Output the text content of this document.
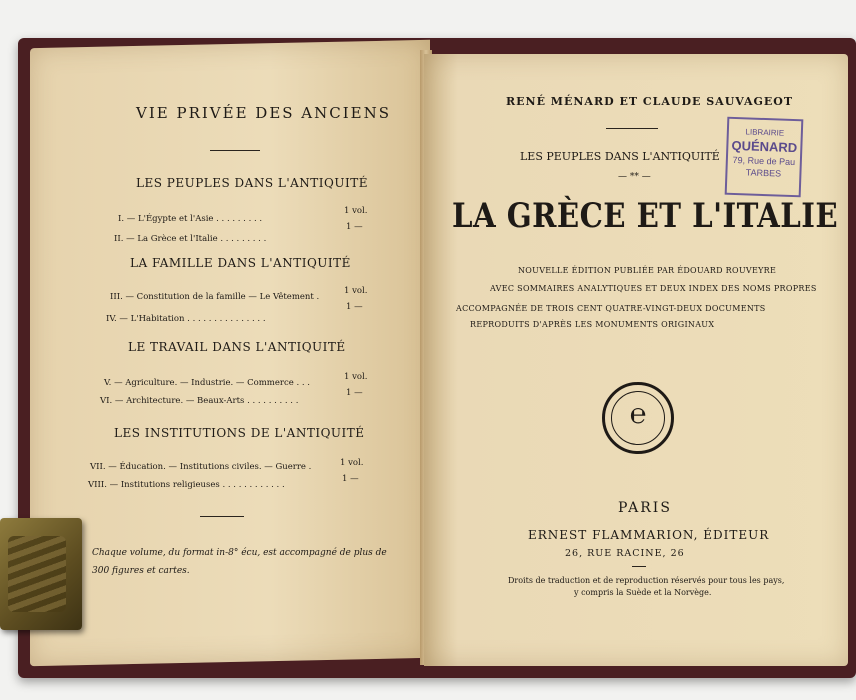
VIE PRIVÉE DES ANCIENS
LES PEUPLES DANS L'ANTIQUITÉ
I. — L'Égypte et l'Asie . . . . . . . . .
1 vol.
II. — La Grèce et l'Italie . . . . . . . . .
1 —
LA FAMILLE DANS L'ANTIQUITÉ
III. — Constitution de la famille — Le Vêtement .
1 vol.
IV. — L'Habitation . . . . . . . . . . . . . . .
1 —
LE TRAVAIL DANS L'ANTIQUITÉ
V. — Agriculture. — Industrie. — Commerce . . .
1 vol.
VI. — Architecture. — Beaux-Arts . . . . . . . . . .
1 —
LES INSTITUTIONS DE L'ANTIQUITÉ
VII. — Éducation. — Institutions civiles. — Guerre .	1 vol.
VIII. — Institutions religieuses . . . . . . . . . . . .
1 —
Chaque volume, du format in-8° écu, est accompagné de plus de
300 figures et cartes.
RENÉ MÉNARD ET CLAUDE SAUVAGEOT
LES PEUPLES DANS L'ANTIQUITÉ
— ** —
LA GRÈCE ET L'ITALIE
NOUVELLE ÉDITION PUBLIÉE PAR ÉDOUARD ROUVEYRE
AVEC SOMMAIRES ANALYTIQUES ET DEUX INDEX DES NOMS PROPRES
ACCOMPAGNÉE DE TROIS CENT QUATRE-VINGT-DEUX DOCUMENTS
REPRODUITS D'APRÈS LES MONUMENTS ORIGINAUX
℮
PARIS
ERNEST FLAMMARION, ÉDITEUR
26, RUE RACINE, 26
Droits de traduction et de reproduction réservés pour tous les pays,
y compris la Suède et la Norvège.
LIBRAIRIE
QUÉNARD
79, Rue de Pau
TARBES
